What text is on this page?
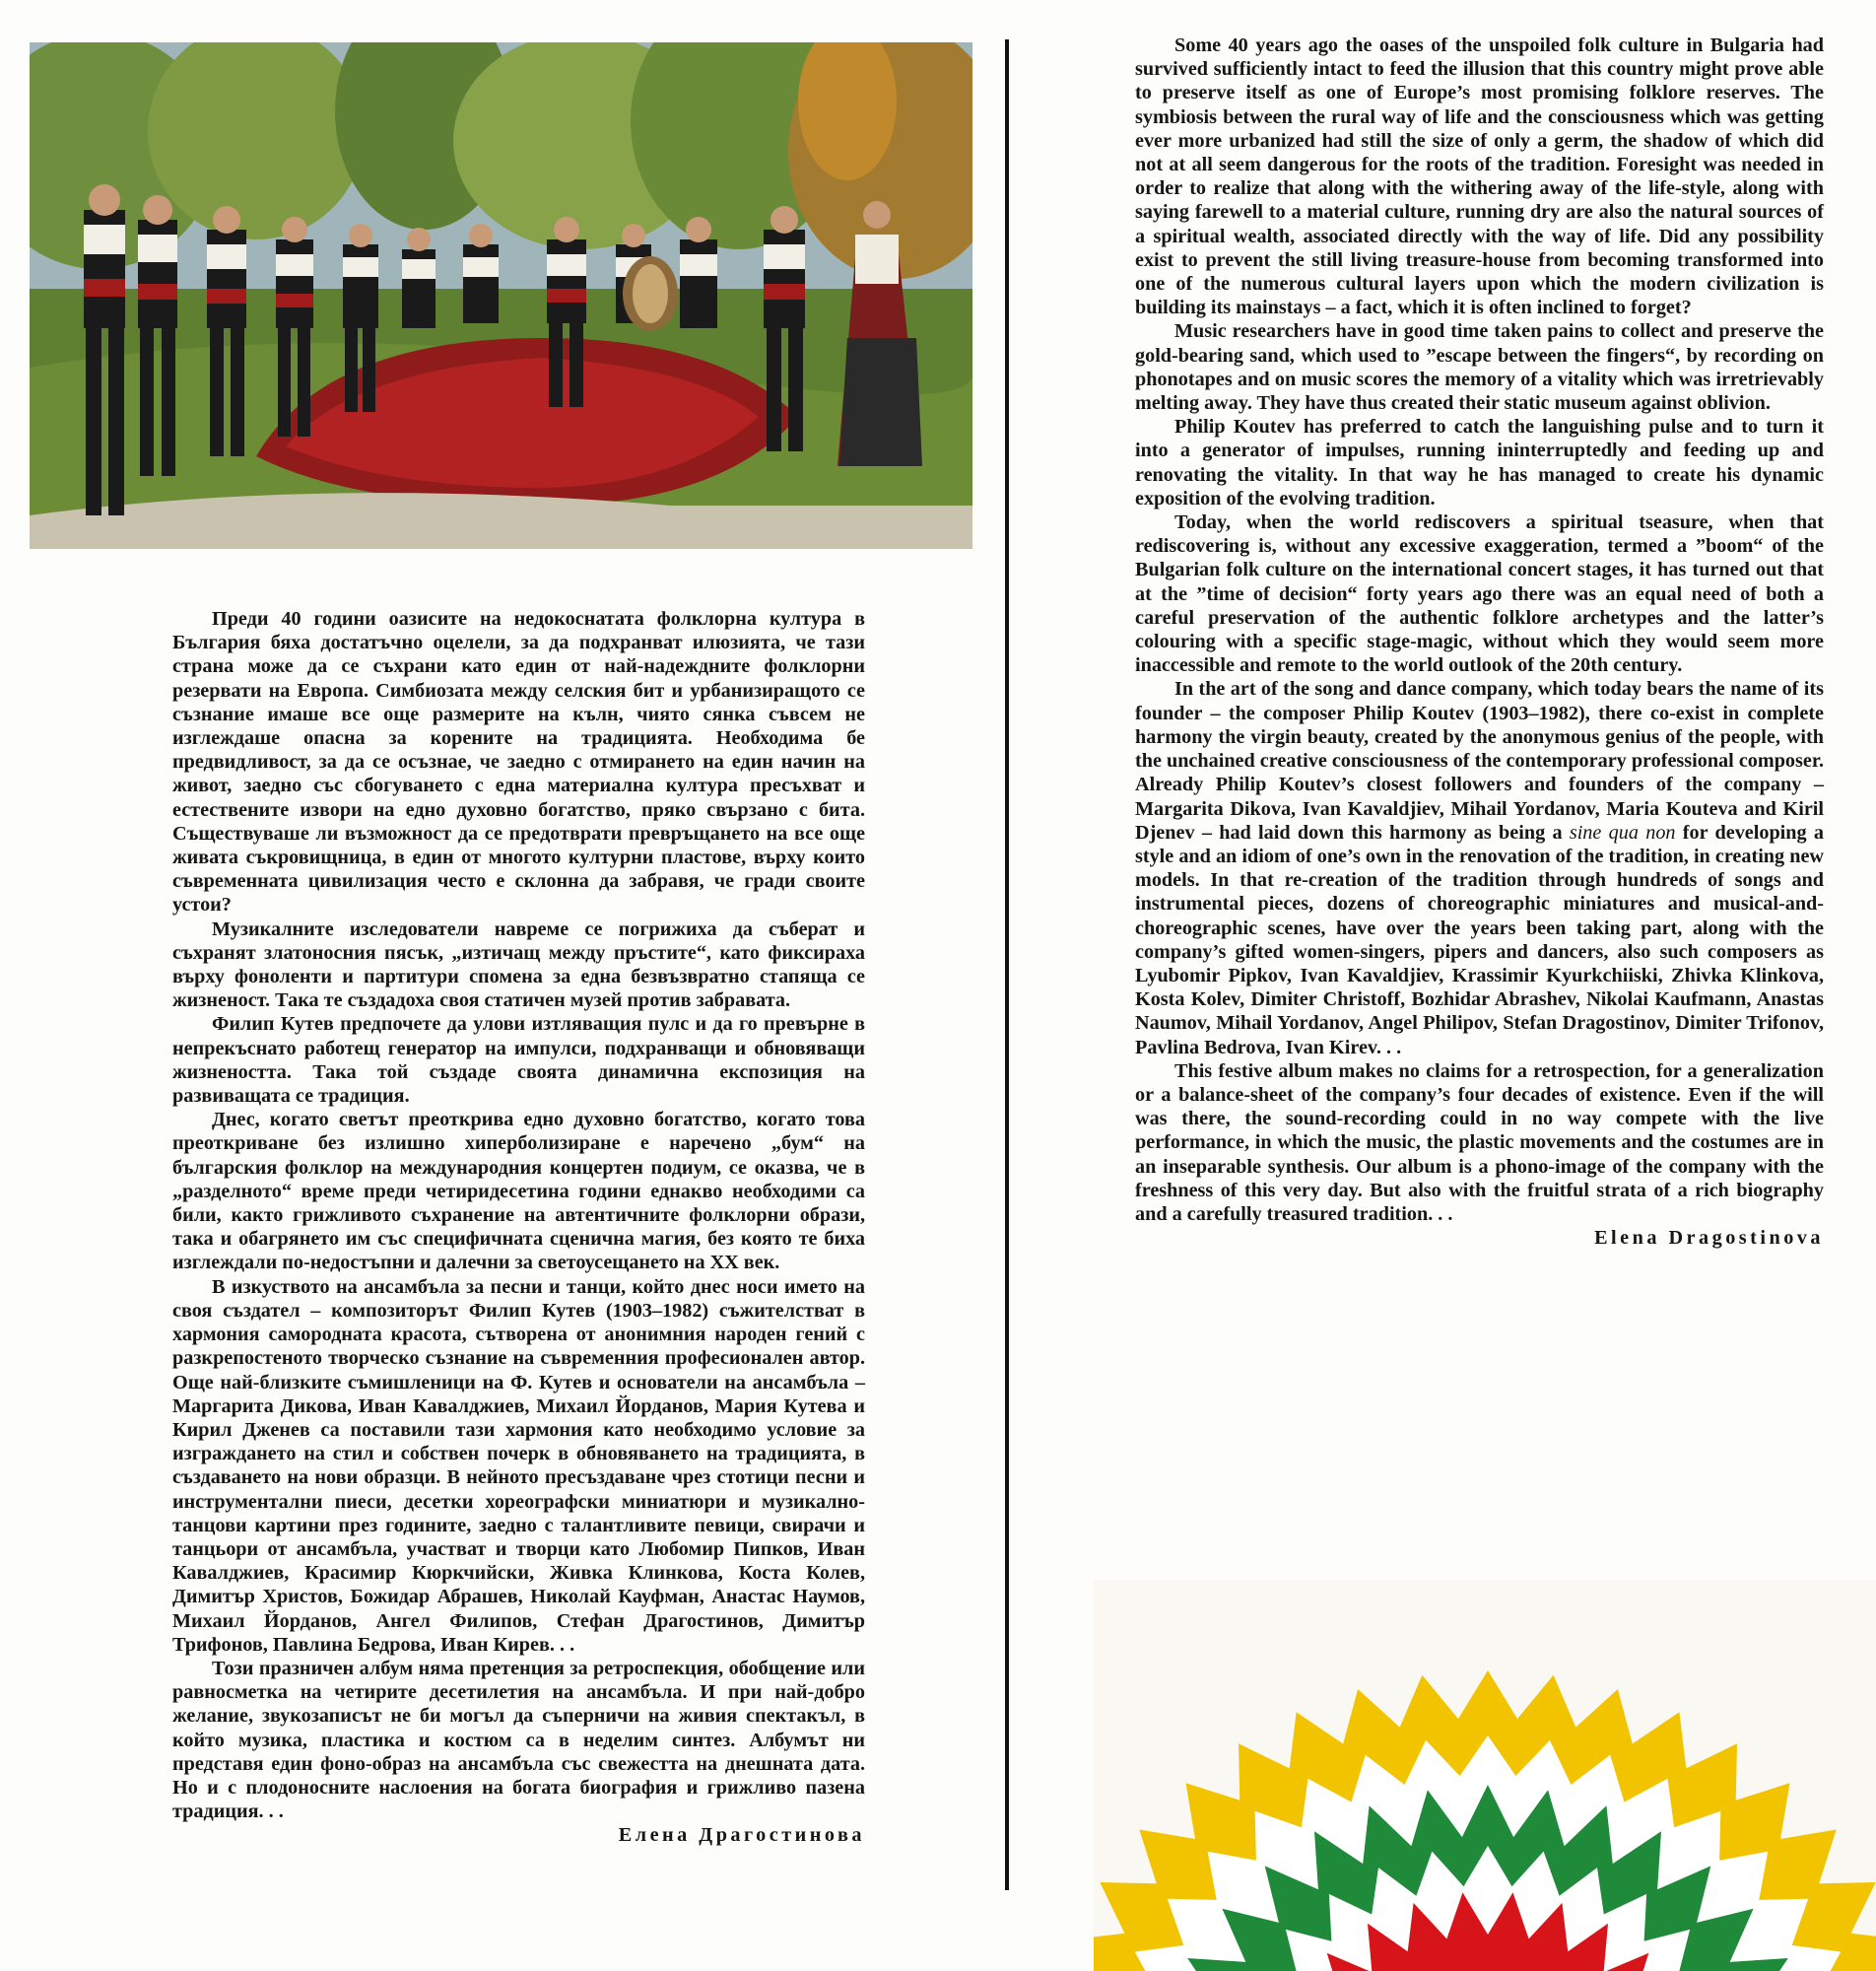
Преди 40 години оазисите на недокоснатата фолклорна култура в България бяха достатъчно оцелели, за да подхранват илюзията, че тази страна може да се съхрани като един от най-надеждните фолклорни резервати на Европа. Симбиозата между селския бит и урбанизиращото се съзнание имаше все още размерите на кълн, чиято сянка съвсем не изглеждаше опасна за корените на традицията. Необходима бе предвидливост, за да се осъзнае, че заедно с отмирането на един начин на живот, заедно със сбогуването с една материална култура пресъхват и естествените извори на едно духовно богатство, пряко свързано с бита. Съществуваше ли възможност да се предотврати превръщането на все още живата съкровищница, в един от многото културни пластове, върху които съвременната цивилизация често е склонна да забравя, че гради своите устои?

Музикалните изследователи навреме се погрижиха да съберат и съхранят златоносния пясък, „изтичащ между пръстите“, като фиксираха върху фоноленти и партитури спомена за една безвъзвратно стапяща се жизненост. Така те създадоха своя статичен музей против забравата.

Филип Кутев предпочете да улови изтляващия пулс и да го превърне в непрекъснато работещ генератор на импулси, подхранващи и обновяващи жизнеността. Така той създаде своята динамична експозиция на развиващата се традиция.

Днес, когато светът преоткрива едно духовно богатство, когато това преоткриване без излишно хиперболизиране е наречено „бум“ на българския фолклор на международния концертен подиум, се оказва, че в „разделното“ време преди четиридесетина години еднакво необходими са били, както грижливото съхранение на автентичните фолклорни образи, така и обагрянето им със специфичната сценична магия, без която те биха изглеждали по-недостъпни и далечни за светоусещането на XX век.

В изкуството на ансамбъла за песни и танци, който днес носи името на своя създател – композиторът Филип Кутев (1903–1982) съжителстват в хармония самородната красота, сътворена от анонимния народен гений с разкрепостеното творческо съзнание на съвременния професионален автор. Още най-близките съмишленици на Ф. Кутев и основатели на ансамбъла – Маргарита Дикова, Иван Кавалджиев, Михаил Йорданов, Мария Кутева и Кирил Дженев са поставили тази хармония като необходимо условие за изграждането на стил и собствен почерк в обновяването на традицията, в създаването на нови образци. В нейното пресъздаване чрез стотици песни и инструментални пиеси, десетки хореографски миниатюри и музикално-танцови картини през годините, заедно с талантливите певици, свирачи и танцьори от ансамбъла, участват и творци като Любомир Пипков, Иван Кавалджиев, Красимир Кюркчийски, Живка Клинкова, Коста Колев, Димитър Христов, Божидар Абрашев, Николай Кауфман, Анастас Наумов, Михаил Йорданов, Ангел Филипов, Стефан Драгостинов, Димитър Трифонов, Павлина Бедрова, Иван Кирев. . .

Този празничен албум няма претенция за ретроспекция, обобщение или равносметка на четирите десетилетия на ансамбъла. И при най-добро желание, звукозаписът не би могъл да съперничи на живия спектакъл, в който музика, пластика и костюм са в неделим синтез. Албумът ни представя един фоно-образ на ансамбъла със свежестта на днешната дата. Но и с плодоносните наслоения на богата биография и грижливо пазена традиция. . .

Елена Драгостинова

Some 40 years ago the oases of the unspoiled folk culture in Bulgaria had survived sufficiently intact to feed the illusion that this country might prove able to preserve itself as one of Europe’s most promising folklore reserves. The symbiosis between the rural way of life and the consciousness which was getting ever more urbanized had still the size of only a germ, the shadow of which did not at all seem dangerous for the roots of the tradition. Foresight was needed in order to realize that along with the withering away of the life-style, along with saying farewell to a material culture, running dry are also the natural sources of a spiritual wealth, associated directly with the way of life. Did any possibility exist to prevent the still living treasure-house from becoming transformed into one of the numerous cultural layers upon which the modern civilization is building its mainstays – a fact, which it is often inclined to forget?

Music researchers have in good time taken pains to collect and preserve the gold-bearing sand, which used to ”escape between the fingers“, by recording on phonotapes and on music scores the memory of a vitality which was irretrievably melting away. They have thus created their static museum against oblivion.

Philip Koutev has preferred to catch the languishing pulse and to turn it into a generator of impulses, running ininterruptedly and feeding up and renovating the vitality. In that way he has managed to create his dynamic exposition of the evolving tradition.

Today, when the world rediscovers a spiritual tseasure, when that rediscovering is, without any excessive exaggeration, termed a ”boom“ of the Bulgarian folk culture on the international concert stages, it has turned out that at the ”time of decision“ forty years ago there was an equal need of both a careful preservation of the authentic folklore archetypes and the latter’s colouring with a specific stage-magic, without which they would seem more inaccessible and remote to the world outlook of the 20th century.

In the art of the song and dance company, which today bears the name of its founder – the composer Philip Koutev (1903–1982), there co-exist in complete harmony the virgin beauty, created by the anonymous genius of the people, with the unchained creative consciousness of the contemporary professional composer. Already Philip Koutev’s closest followers and founders of the company – Margarita Dikova, Ivan Kavaldjiev, Mihail Yordanov, Maria Kouteva and Kiril Djenev – had laid down this harmony as being a sine qua non for developing a style and an idiom of one’s own in the renovation of the tradition, in creating new models. In that re-creation of the tradition through hundreds of songs and instrumental pieces, dozens of choreographic miniatures and musical-and-choreographic scenes, have over the years been taking part, along with the company’s gifted women-singers, pipers and dancers, also such composers as Lyubomir Pipkov, Ivan Kavaldjiev, Krassimir Kyurkchiiski, Zhivka Klinkova, Kosta Kolev, Dimiter Christoff, Bozhidar Abrashev, Nikolai Kaufmann, Anastas Naumov, Mihail Yordanov, Angel Philipov, Stefan Dragostinov, Dimiter Trifonov, Pavlina Bedrova, Ivan Kirev. . .

This festive album makes no claims for a retrospection, for a generalization or a balance-sheet of the company’s four decades of existence. Even if the will was there, the sound-recording could in no way compete with the live performance, in which the music, the plastic movements and the costumes are in an inseparable synthesis. Our album is a phono-image of the company with the freshness of this very day. But also with the fruitful strata of a rich biography and a carefully treasured tradition. . .

Elena Dragostinova
